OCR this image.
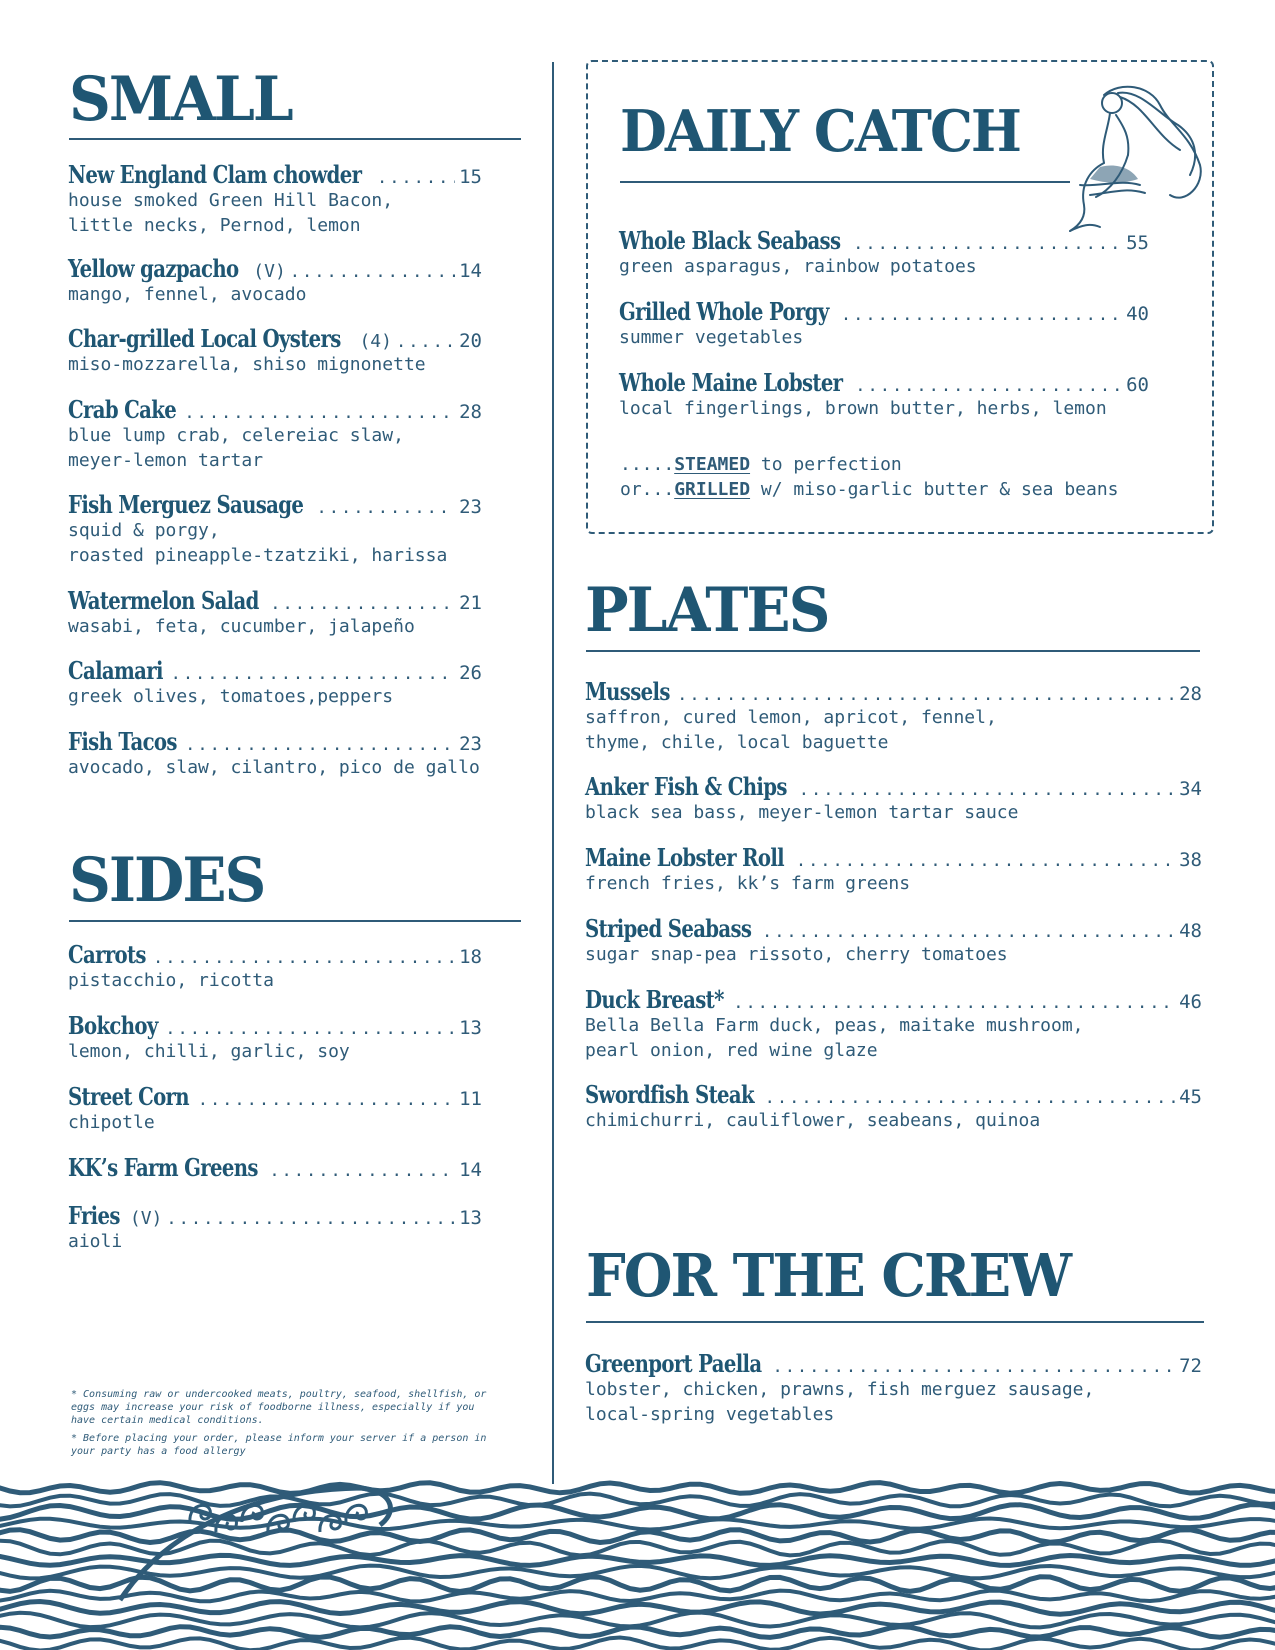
SMALL
New England Clam chowder .....	15
house smoked Green Hill Bacon,
little necks, Pernod, lemon
Yellow gazpacho (V) .....	14
mango, fennel, avocado
Char-grilled Local Oysters (4) .....	20
miso-mozzarella, shiso mignonette
Crab Cake .....	28
blue lump crab, celereiac slaw,
meyer-lemon tartar
Fish Merguez Sausage .....	23
squid & porgy,
roasted pineapple-tzatziki, harissa
Watermelon Salad .....	21
wasabi, feta, cucumber, jalapeño
Calamari .....	26
greek olives, tomatoes,peppers
Fish Tacos .....	23
avocado, slaw, cilantro, pico de gallo
SIDES
Carrots .....	18
pistacchio, ricotta
Bokchoy .....	13
lemon, chilli, garlic, soy
Street Corn .....	11
chipotle
KK’s Farm Greens .....	14
Fries (V) .....	13
aioli
* Consuming raw or undercooked meats, poultry, seafood, shellfish, or eggs may increase your risk of foodborne illness, especially if you have certain medical conditions.
* Before placing your order, please inform your server if a person in your party has a food allergy
DAILY CATCH
Whole Black Seabass .....	55
green asparagus, rainbow potatoes
Grilled Whole Porgy .....	40
summer vegetables
Whole Maine Lobster .....	60
local fingerlings, brown butter, herbs, lemon
.....STEAMED to perfection
or...GRILLED w/ miso-garlic butter & sea beans
PLATES
Mussels .....	28
saffron, cured lemon, apricot, fennel,
thyme, chile, local baguette
Anker Fish & Chips .....	34
black sea bass, meyer-lemon tartar sauce
Maine Lobster Roll .....	38
french fries, kk’s farm greens
Striped Seabass .....	48
sugar snap-pea rissoto, cherry tomatoes
Duck Breast* .....	46
Bella Bella Farm duck, peas, maitake mushroom,
pearl onion, red wine glaze
Swordfish Steak .....	45
chimichurri, cauliflower, seabeans, quinoa
FOR THE CREW
Greenport Paella .....	72
lobster, chicken, prawns, fish merguez sausage,
local-spring vegetables
